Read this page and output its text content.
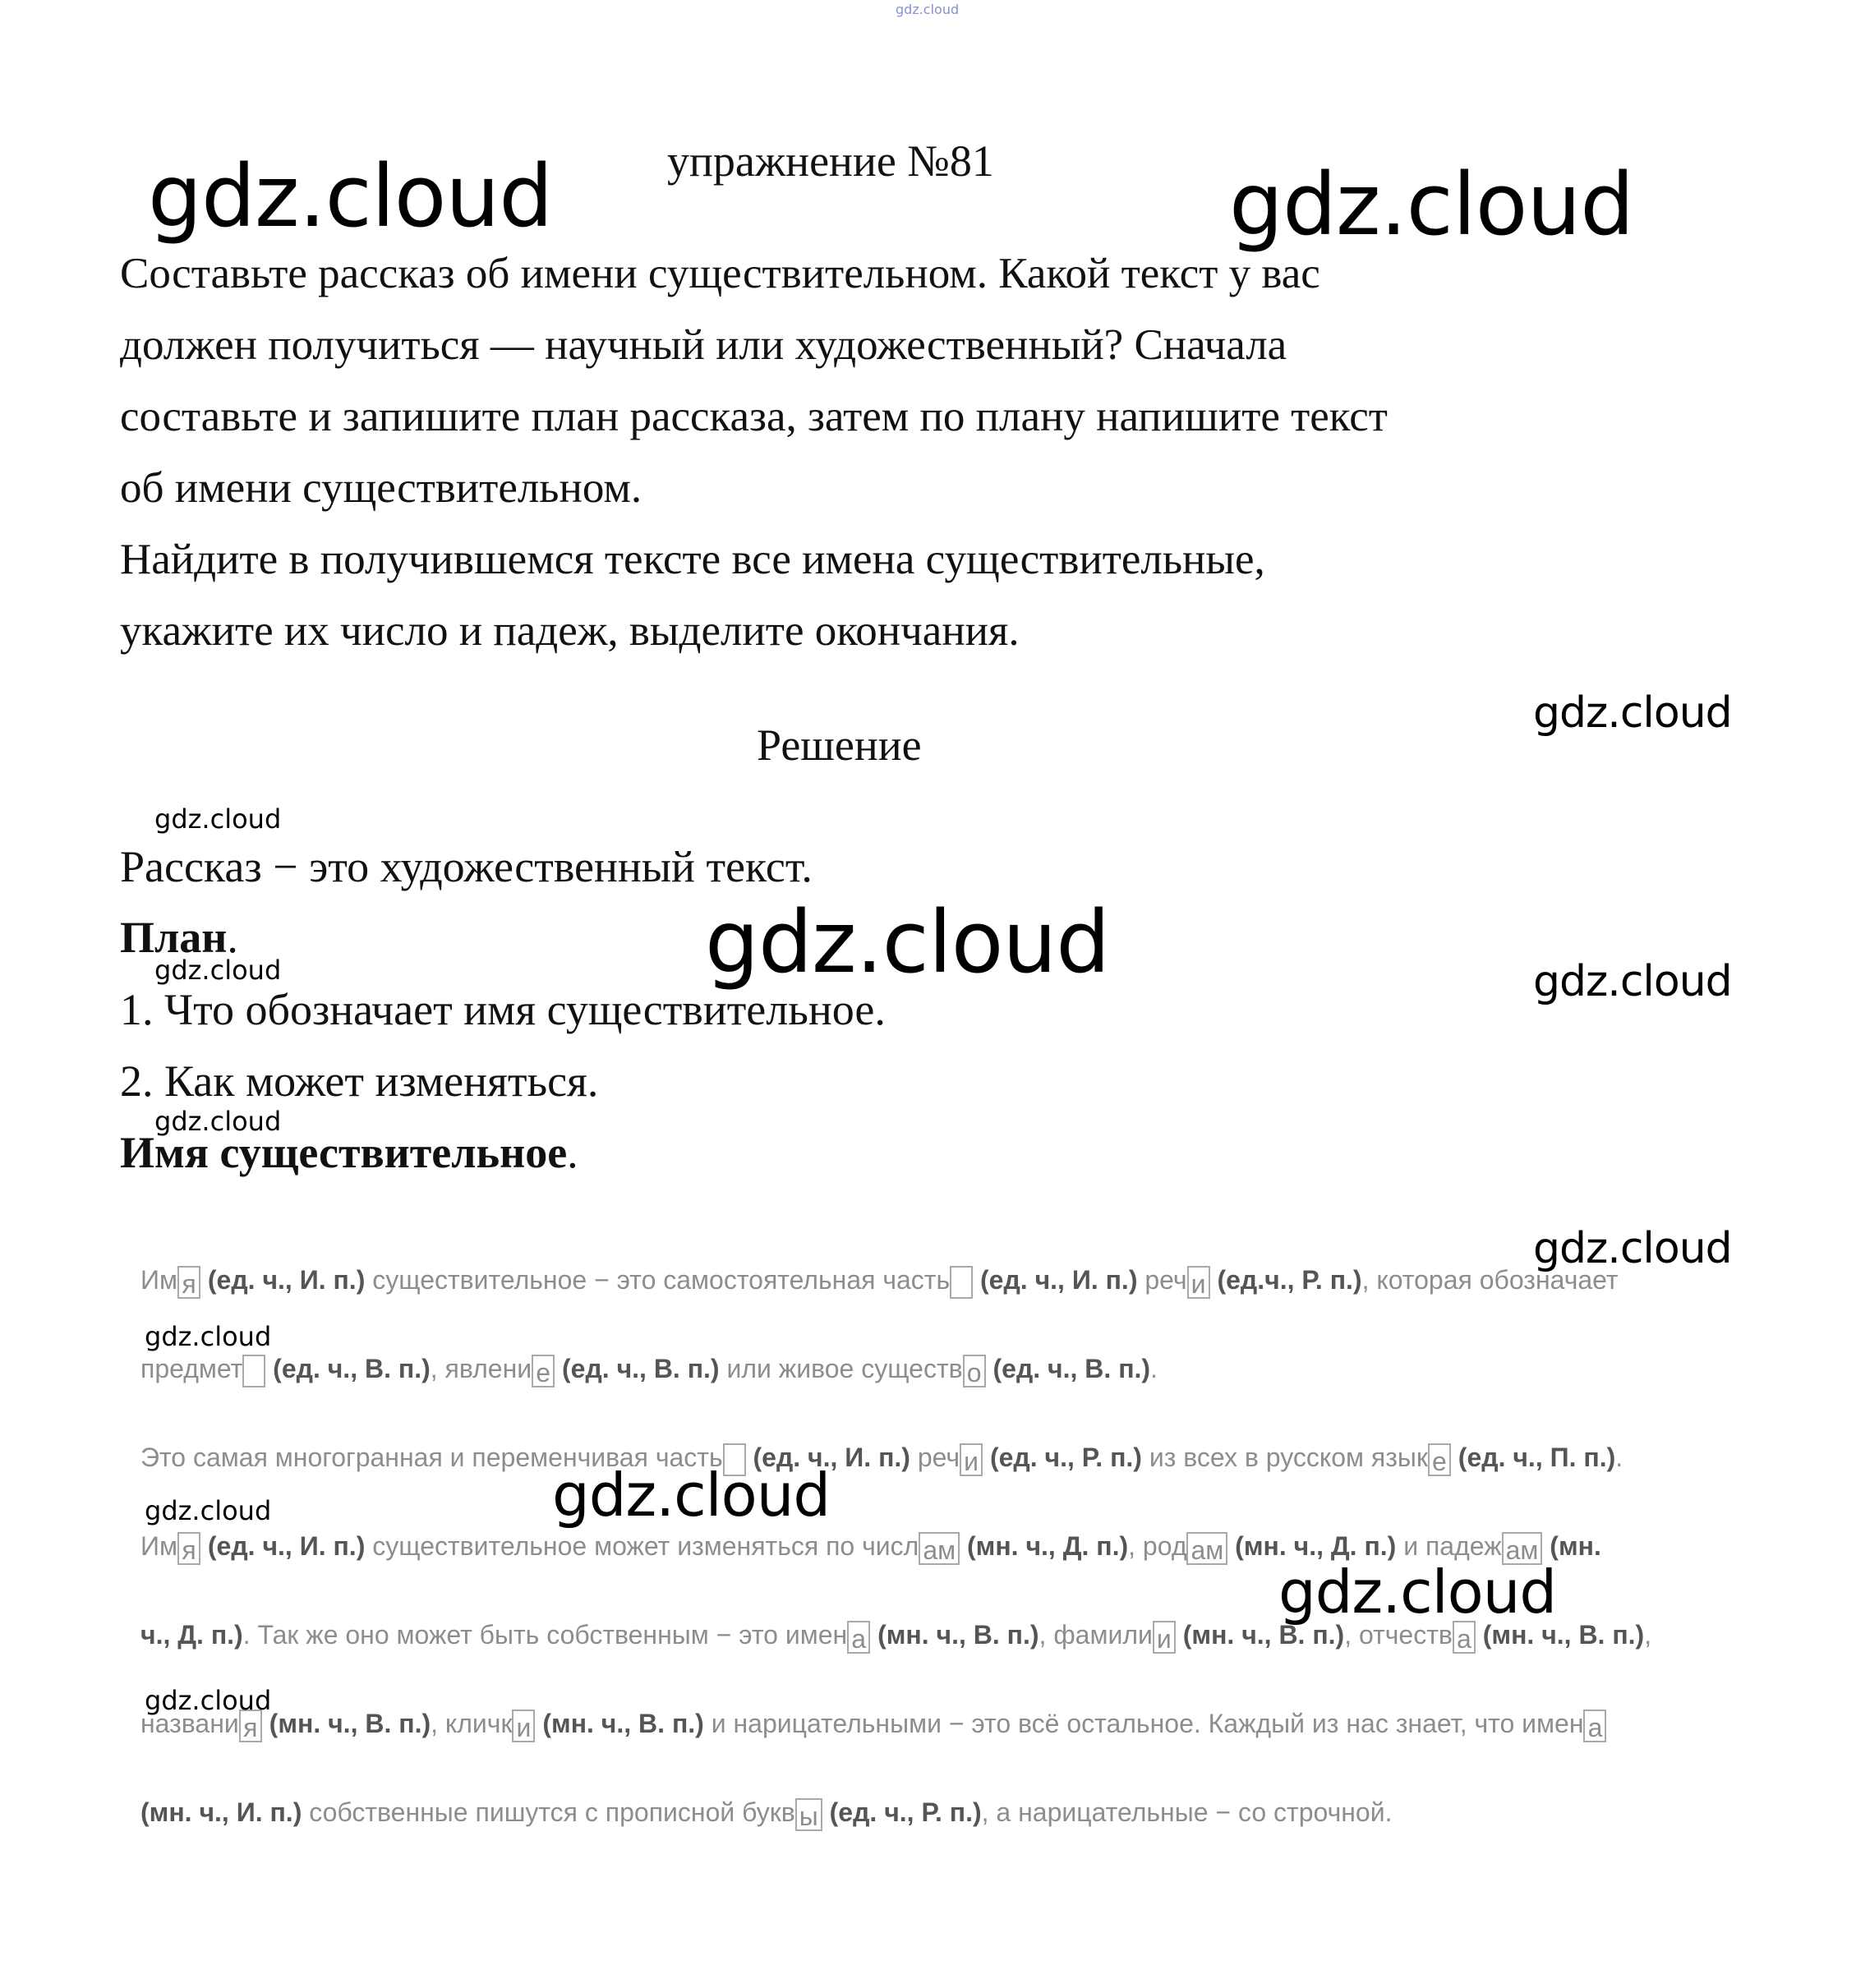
gdz.cloud
упражнение №81

Составьте рассказ об имени существительном. Какой текст у вас

должен получиться — научный или художественный? Сначала

составьте и запишите план рассказа, затем по плану напишите текст

об имени существительном.

Найдите в получившемся тексте все имена существительные,

укажите их число и падеж, выделите окончания.

Решение
Рассказ − это художественный текст.
План.
1. Что обозначает имя существительное.
2. Как может изменяться.
Имя существительное.
Им я (ед. ч., И. п.) существительное − это самостоятельная часть (ед. ч., И. п.) реч и (ед.ч., Р. п.), которая обозначает
предмет (ед. ч., В. п.), явлени е (ед. ч., В. п.) или живое существ о (ед. ч., В. п.).
Это самая многогранная и переменчивая часть (ед. ч., И. п.) реч и (ед. ч., Р. п.) из всех в русском язык е (ед. ч., П. п.).
Им я (ед. ч., И. п.) существительное может изменяться по числ ам (мн. ч., Д. п.), род ам (мн. ч., Д. п.) и падеж ам (мн.
ч., Д. п.). Так же оно может быть собственным − это имен а (мн. ч., В. п.), фамили и (мн. ч., В. п.), отчеств а (мн. ч., В. п.),
названи я (мн. ч., В. п.), кличк и (мн. ч., В. п.) и нарицательными − это всё остальное. Каждый из нас знает, что имен а
(мн. ч., И. п.) собственные пишутся с прописной букв ы (ед. ч., Р. п.), а нарицательные − со строчной.
gdz.cloud	gdz.cloud
gdz.cloud
gdz.cloud
gdz.cloud
gdz.cloud	gdz.cloud
gdz.cloud
gdz.cloud
gdz.cloud
gdz.cloud
gdz.cloud
gdz.cloud
gdz.cloud
